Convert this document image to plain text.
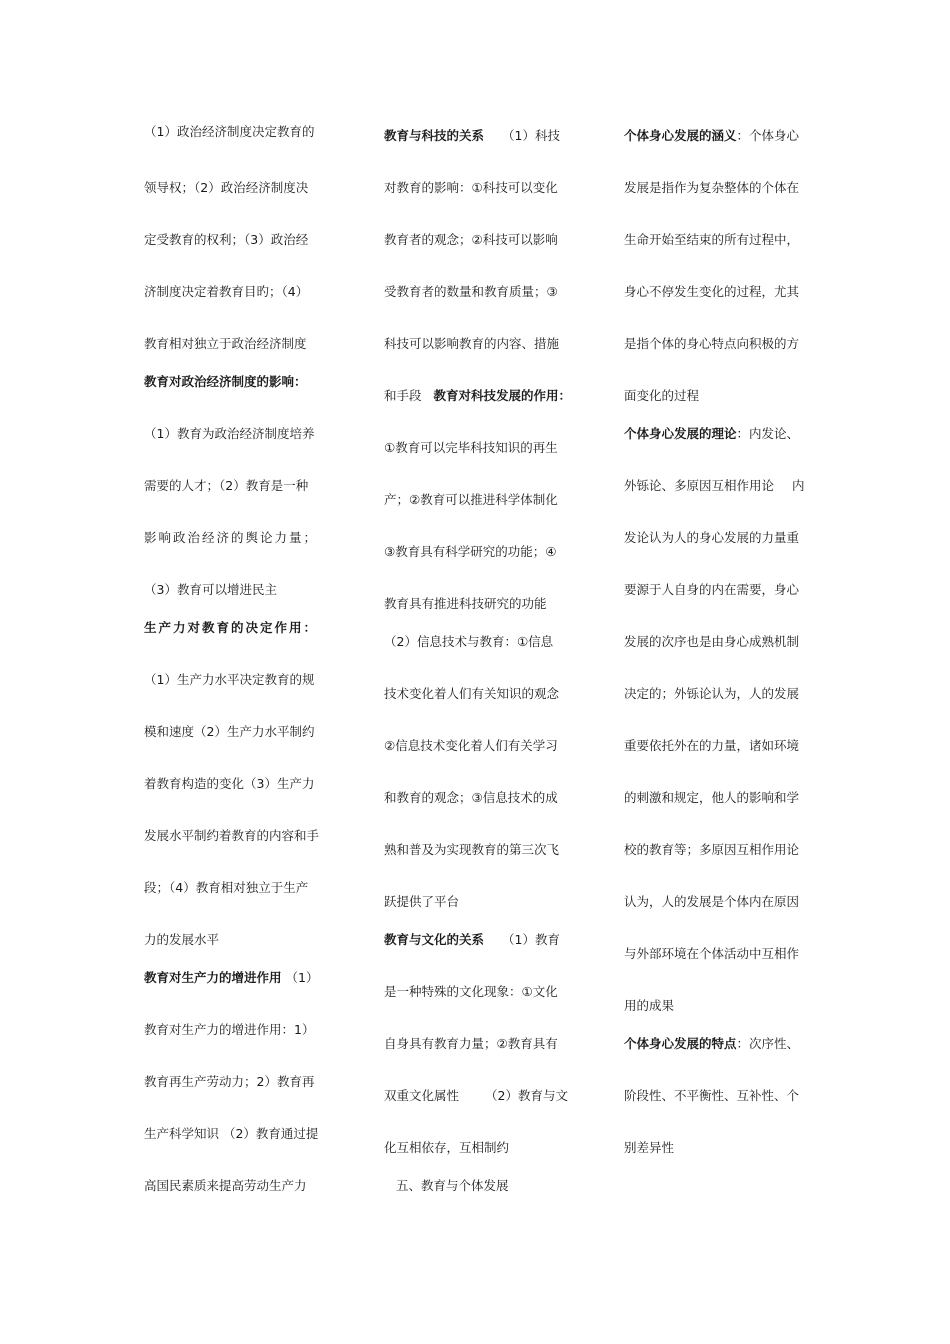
（1）政治经济制度决定教育的
领导权；（2）政治经济制度决
定受教育的权利；（3）政治经
济制度决定着教育目旳；（4）
教育相对独立于政治经济制度
教育对政治经济制度的影响：
（1）教育为政治经济制度培养
需要的人才；（2）教育是一种
影响政治经济的舆论力量；
（3）教育可以增进民主
生产力对教育的决定作用：
（1）生产力水平决定教育的规
模和速度（2）生产力水平制约
着教育构造的变化（3）生产力
发展水平制约着教育的内容和手
段；（4）教育相对独立于生产
力的发展水平
教育对生产力的增进作用 （1）
教育对生产力的增进作用：1）
教育再生产劳动力；2）教育再
生产科学知识 （2）教育通过提
高国民素质来提高劳动生产力
教育与科技的关系 （1）科技
对教育的影响：①科技可以变化
教育者的观念；②科技可以影响
受教育者的数量和教育质量；③
科技可以影响教育的内容、措施
和手段 教育对科技发展的作用：
①教育可以完毕科技知识的再生
产；②教育可以推进科学体制化
③教育具有科学研究的功能；④
教育具有推进科技研究的功能
（2）信息技术与教育：①信息
技术变化着人们有关知识的观念
②信息技术变化着人们有关学习
和教育的观念；③信息技术的成
熟和普及为实现教育的第三次飞
跃提供了平台
教育与文化的关系 （1）教育
是一种特殊的文化现象：①文化
自身具有教育力量；②教育具有
双重文化属性 （2）教育与文
化互相依存，互相制约
五、教育与个体发展
个体身心发展的涵义：个体身心
发展是指作为复杂整体的个体在
生命开始至结束的所有过程中，
身心不停发生变化的过程，尤其
是指个体的身心特点向积极的方
面变化的过程
个体身心发展的理论：内发论、
外铄论、多原因互相作用论 内
发论认为人的身心发展的力量重
要源于人自身的内在需要，身心
发展的次序也是由身心成熟机制
决定的；外铄论认为，人的发展
重要依托外在的力量，诸如环境
的刺激和规定，他人的影响和学
校的教育等；多原因互相作用论
认为，人的发展是个体内在原因
与外部环境在个体活动中互相作
用的成果
个体身心发展的特点：次序性、
阶段性、不平衡性、互补性、个
别差异性
